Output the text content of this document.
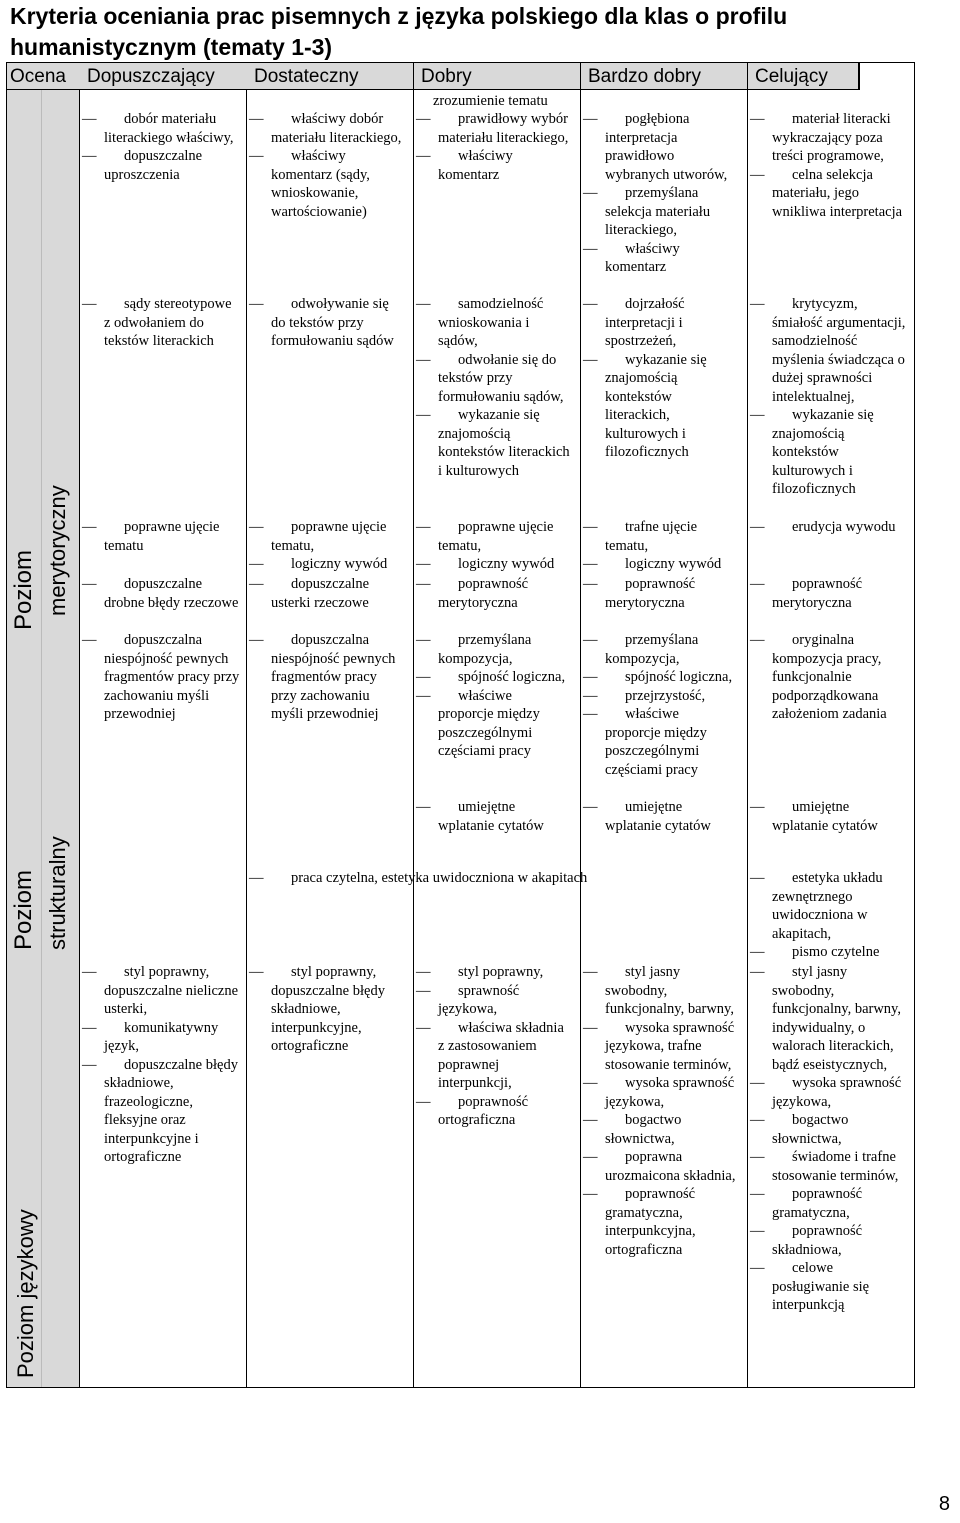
Kryteria oceniania prac pisemnych z języka polskiego dla klas o profilu humanistycznym (tematy 1-3)
Ocena Dopuszczający Dostateczny	Dobry	Bardzo dobry	Celujący
Poziom merytoryczny
Poziom strukturalny
Poziom językowy
zrozumienie tematu
― dobór materiału literackiego właściwy,
― dopuszczalne uproszczenia
― właściwy dobór materiału literackiego,
― właściwy komentarz (sądy, wnioskowanie, wartościowanie)
― prawidłowy wybór materiału literackiego,
― właściwy komentarz
― pogłębiona interpretacja prawidłowo wybranych utworów,
― przemyślana selekcja materiału literackiego,
― właściwy komentarz
― materiał literacki wykraczający poza treści programowe,
― celna selekcja materiału, jego wnikliwa interpretacja
― sądy stereotypowe z odwołaniem do tekstów literackich
― odwoływanie się do tekstów przy formułowaniu sądów
― samodzielność wnioskowania i sądów,
― odwołanie się do tekstów przy formułowaniu sądów,
― wykazanie się znajomością kontekstów literackich i kulturowych
― dojrzałość interpretacji i spostrzeżeń,
― wykazanie się znajomością kontekstów literackich, kulturowych i filozoficznych
― krytycyzm, śmiałość argumentacji, samodzielność myślenia świadcząca o dużej sprawności intelektualnej,
― wykazanie się znajomością kontekstów kulturowych i filozoficznych
― poprawne ujęcie tematu
― poprawne ujęcie tematu,
― logiczny wywód
― poprawne ujęcie tematu,
― logiczny wywód
― trafne ujęcie tematu,
― logiczny wywód
― erudycja wywodu
― dopuszczalne drobne błędy rzeczowe
― dopuszczalne usterki rzeczowe
― poprawność merytoryczna
― poprawność merytoryczna
― poprawność merytoryczna
― dopuszczalna niespójność pewnych fragmentów pracy przy zachowaniu myśli przewodniej
― dopuszczalna niespójność pewnych fragmentów pracy przy zachowaniu myśli przewodniej
― przemyślana kompozycja,
― spójność logiczna,
― właściwe proporcje między poszczególnymi częściami pracy
― przemyślana kompozycja,
― spójność logiczna,
― przejrzystość,
― właściwe proporcje między poszczególnymi częściami pracy
― oryginalna kompozycja pracy, funkcjonalnie podporządkowana założeniom zadania
― umiejętne wplatanie cytatów
― umiejętne wplatanie cytatów
― umiejętne wplatanie cytatów
― praca czytelna, estetyka uwidoczniona w akapitach
―	estetyka układu zewnętrznego uwidoczniona w akapitach,
― pismo czytelne
― styl poprawny, dopuszczalne nieliczne usterki,
― komunikatywny język,
― dopuszczalne błędy składniowe, frazeologiczne, fleksyjne oraz interpunkcyjne i ortograficzne
― styl poprawny, dopuszczalne błędy składniowe, interpunkcyjne, ortograficzne
― styl poprawny,
― sprawność językowa,
― właściwa składnia z zastosowaniem poprawnej interpunkcji,
― poprawność ortograficzna
― styl jasny swobodny, funkcjonalny, barwny,
― wysoka sprawność językowa, trafne stosowanie terminów,
― wysoka sprawność językowa,
― bogactwo słownictwa,
― poprawna urozmaicona składnia,
― poprawność gramatyczna, interpunkcyjna, ortograficzna
― styl jasny swobodny, funkcjonalny, barwny, indywidualny, o walorach literackich, bądź eseistycznych,
― wysoka sprawność językowa,
― bogactwo słownictwa,
― świadome i trafne stosowanie terminów,
― poprawność gramatyczna,
― poprawność składniowa,
― celowe posługiwanie się interpunkcją
8
